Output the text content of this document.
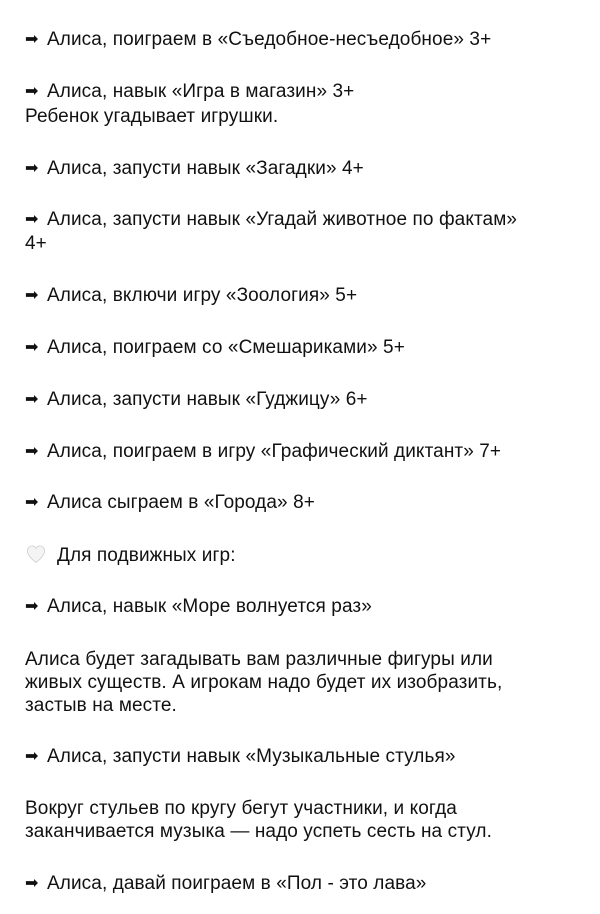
➡ Алиса, поиграем в «Съедобное-несъедобное» 3+
➡ Алиса, навык «Игра в магазин» 3+
Ребенок угадывает игрушки.
➡ Алиса, запусти навык «Загадки» 4+
➡ Алиса, запусти навык «Угадай животное по фактам»
4+
➡ Алиса, включи игру «Зоология» 5+
➡ Алиса, поиграем со «Смешариками» 5+
➡ Алиса, запусти навык «Гуджицу» 6+
➡ Алиса, поиграем в игру «Графический диктант» 7+
➡ Алиса сыграем в «Города» 8+
Для подвижных игр:
➡ Алиса, навык «Море волнуется раз»
Алиса будет загадывать вам различные фигуры или
живых существ. А игрокам надо будет их изобразить,
застыв на месте.
➡ Алиса, запусти навык «Музыкальные стулья»
Вокруг стульев по кругу бегут участники, и когда
заканчивается музыка — надо успеть сесть на стул.
➡ Алиса, давай поиграем в «Пол - это лава»
